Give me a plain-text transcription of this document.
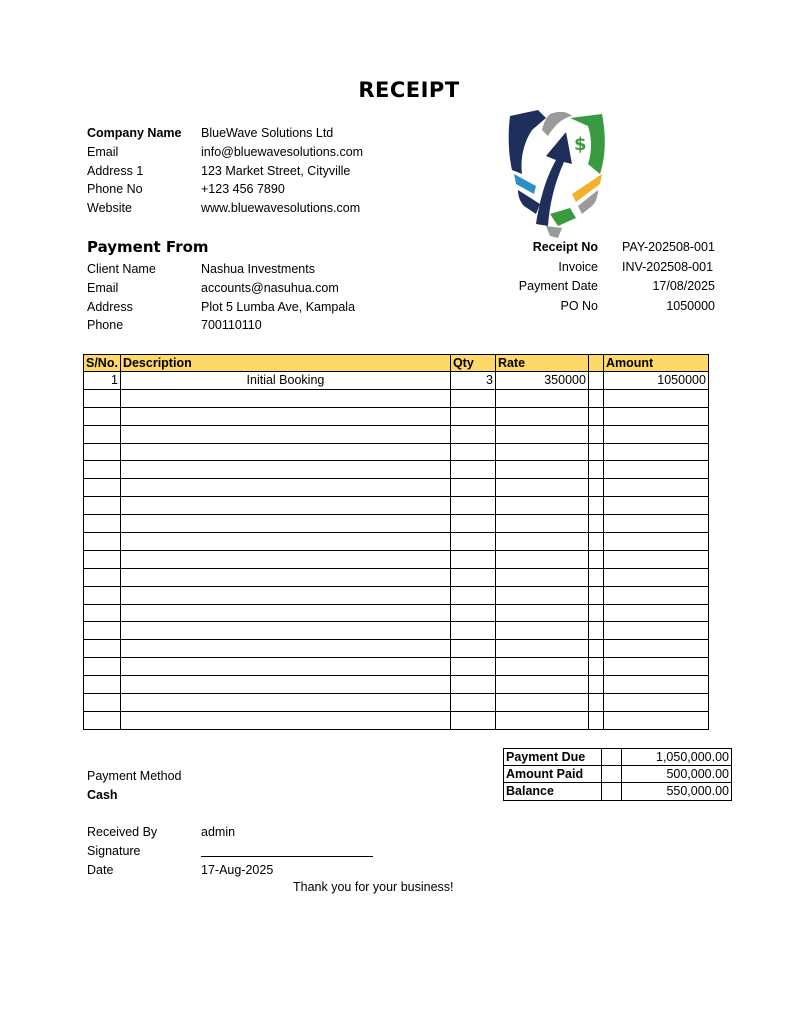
RECEIPT
Company Name	BlueWave Solutions Ltd
Email	info@bluewavesolutions.com
Address 1	123 Market Street, Cityville
Phone No	+123 456 7890
Website	www.bluewavesolutions.com
$
Payment From
Client Name	Nashua Investments
Email	accounts@nasuhua.com
Address	Plot 5 Lumba Ave, Kampala
Phone	700110110
Receipt No	PAY-202508-001
Invoice	INV-202508-001
Payment Date	17/08/2025
PO No	1050000
S/No.	Description	Qty	Rate		Amount
1	Initial Booking	3	350000		1050000

Payment Due		1,050,000.00
Amount Paid		500,000.00
Balance		550,000.00
Payment Method
Cash
Received By	admin
Signature
Date	17-Aug-2025
Thank you for your business!
